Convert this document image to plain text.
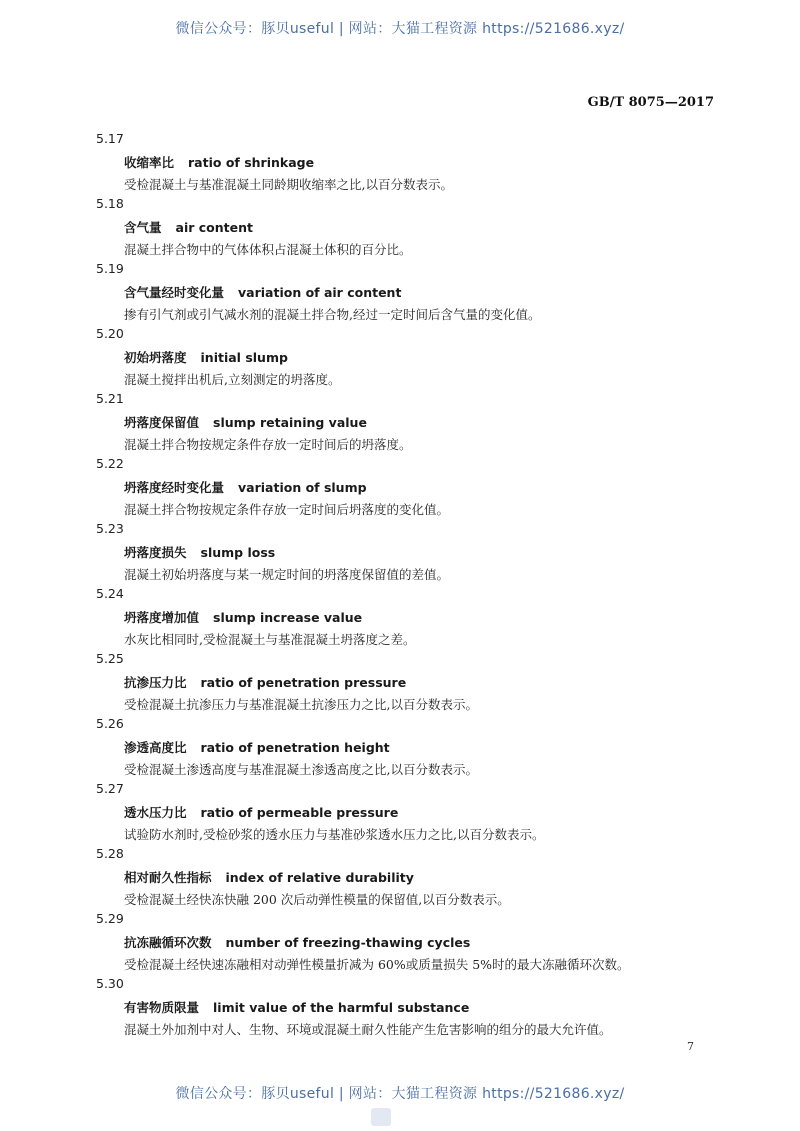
微信公众号：豚贝useful | 网站：大猫工程资源 https://521686.xyz/
GB/T 8075—2017
5.17
收缩率比 ratio of shrinkage
受检混凝土与基准混凝土同龄期收缩率之比,以百分数表示。
5.18
含气量 air content
混凝土拌合物中的气体体积占混凝土体积的百分比。
5.19
含气量经时变化量 variation of air content
掺有引气剂或引气减水剂的混凝土拌合物,经过一定时间后含气量的变化值。
5.20
初始坍落度 initial slump
混凝土搅拌出机后,立刻测定的坍落度。
5.21
坍落度保留值 slump retaining value
混凝土拌合物按规定条件存放一定时间后的坍落度。
5.22
坍落度经时变化量 variation of slump
混凝土拌合物按规定条件存放一定时间后坍落度的变化值。
5.23
坍落度损失 slump loss
混凝土初始坍落度与某一规定时间的坍落度保留值的差值。
5.24
坍落度增加值 slump increase value
水灰比相同时,受检混凝土与基准混凝土坍落度之差。
5.25
抗渗压力比 ratio of penetration pressure
受检混凝土抗渗压力与基准混凝土抗渗压力之比,以百分数表示。
5.26
渗透高度比 ratio of penetration height
受检混凝土渗透高度与基准混凝土渗透高度之比,以百分数表示。
5.27
透水压力比 ratio of permeable pressure
试验防水剂时,受检砂浆的透水压力与基准砂浆透水压力之比,以百分数表示。
5.28
相对耐久性指标 index of relative durability
受检混凝土经快冻快融 200 次后动弹性模量的保留值,以百分数表示。
5.29
抗冻融循环次数 number of freezing-thawing cycles
受检混凝土经快速冻融相对动弹性模量折减为 60%或质量损失 5%时的最大冻融循环次数。
5.30
有害物质限量 limit value of the harmful substance
混凝土外加剂中对人、生物、环境或混凝土耐久性能产生危害影响的组分的最大允许值。
7
微信公众号：豚贝useful | 网站：大猫工程资源 https://521686.xyz/
